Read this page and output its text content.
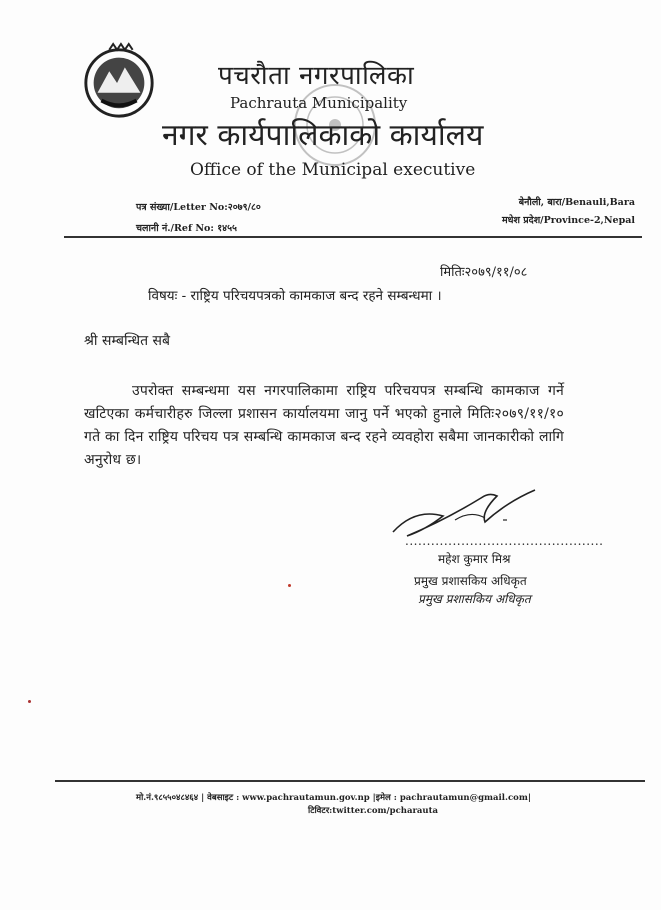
पचरौता नगरपालिका
Pachrauta Municipality
नगर कार्यपालिकाको कार्यालय
Office of the Municipal executive
पत्र संख्या/Letter No:२०७९/८०
चलानी नं./Ref No: १४५५
बेनौली, बारा/Benauli,Bara
मधेश प्रदेश/Province-2,Nepal
मितिः२०७९/११/०८
विषयः - राष्ट्रिय परिचयपत्रको कामकाज बन्द रहने सम्बन्धमा ।
श्री सम्बन्धित सबै

उपरोक्त सम्बन्धमा यस नगरपालिकामा राष्ट्रिय परिचयपत्र सम्बन्धि कामकाज गर्ने खटिएका कर्मचारीहरु जिल्ला प्रशासन कार्यालयमा जानु पर्ने भएको हुनाले मितिः२०७९/११/१० गते का दिन राष्ट्रिय परिचय पत्र सम्बन्धि कामकाज बन्द रहने व्यवहोरा सबैमा जानकारीको लागि अनुरोध छ।

..............................................
महेश कुमार मिश्र
प्रमुख प्रशासकिय अधिकृत
प्रमुख प्रशासकिय अधिकृत
मो.नं.९८५५०४८४६४ | वेबसाइट : www.pachrautamun.gov.np |इमेल : pachrautamun@gmail.com|
टिविटर:twitter.com/pcharauta
